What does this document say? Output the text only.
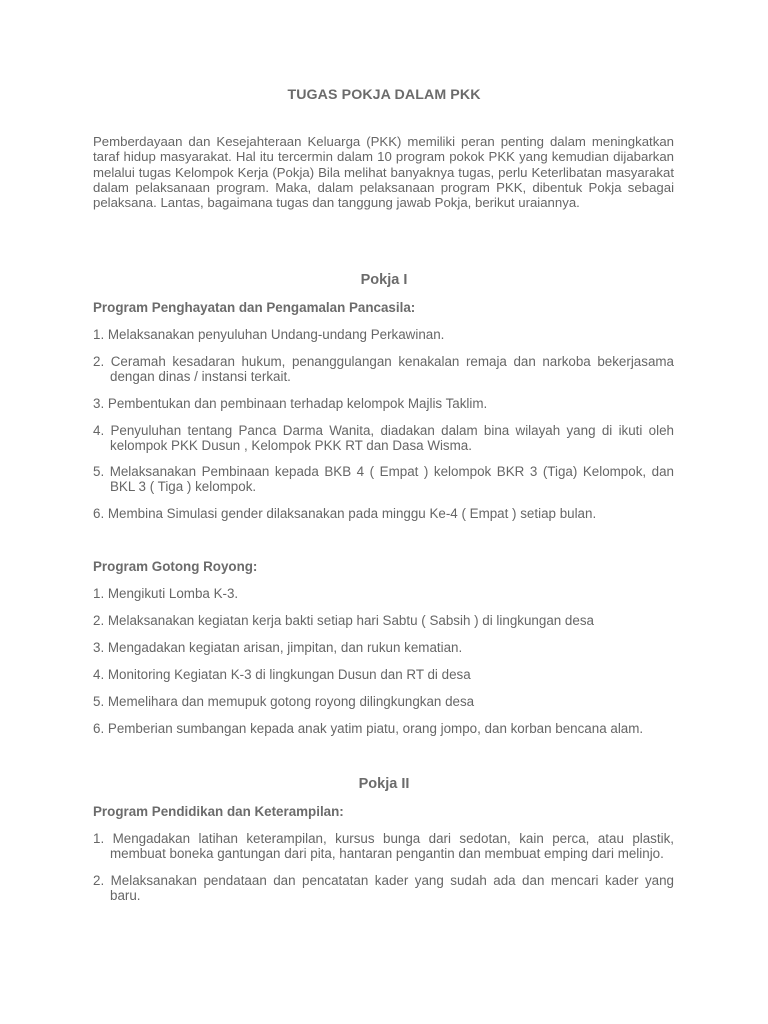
TUGAS POKJA DALAM PKK
Pemberdayaan dan Kesejahteraan Keluarga (PKK) memiliki peran penting dalam meningkatkan taraf hidup masyarakat. Hal itu tercermin dalam 10 program pokok PKK yang kemudian dijabarkan melalui tugas Kelompok Kerja (Pokja) Bila melihat banyaknya tugas, perlu Keterlibatan masyarakat dalam pelaksanaan program. Maka, dalam pelaksanaan program PKK, dibentuk Pokja sebagai pelaksana. Lantas, bagaimana tugas dan tanggung jawab Pokja, berikut uraiannya.
Pokja I
Program Penghayatan dan Pengamalan Pancasila:
1. Melaksanakan penyuluhan Undang-undang Perkawinan.
2. Ceramah kesadaran hukum, penanggulangan kenakalan remaja dan narkoba bekerjasama dengan dinas / instansi terkait.
3. Pembentukan dan pembinaan terhadap kelompok Majlis Taklim.
4. Penyuluhan tentang Panca Darma Wanita, diadakan dalam bina wilayah yang di ikuti oleh kelompok PKK Dusun , Kelompok PKK RT dan Dasa Wisma.
5. Melaksanakan Pembinaan kepada BKB 4 ( Empat ) kelompok BKR 3 (Tiga) Kelompok, dan BKL 3 ( Tiga ) kelompok.
6. Membina Simulasi gender dilaksanakan pada minggu Ke-4 ( Empat ) setiap bulan.
Program Gotong Royong:
1. Mengikuti Lomba K-3.
2. Melaksanakan kegiatan kerja bakti setiap hari Sabtu ( Sabsih ) di lingkungan desa
3. Mengadakan kegiatan arisan, jimpitan, dan rukun kematian.
4. Monitoring Kegiatan K-3 di lingkungan Dusun dan RT di desa
5. Memelihara dan memupuk gotong royong dilingkungkan desa
6. Pemberian sumbangan kepada anak yatim piatu, orang jompo, dan korban bencana alam.
Pokja II
Program Pendidikan dan Keterampilan:
1. Mengadakan latihan keterampilan, kursus bunga dari sedotan, kain perca, atau plastik, membuat boneka gantungan dari pita, hantaran pengantin dan membuat emping dari melinjo.
2. Melaksanakan pendataan dan pencatatan kader yang sudah ada dan mencari kader yang baru.
